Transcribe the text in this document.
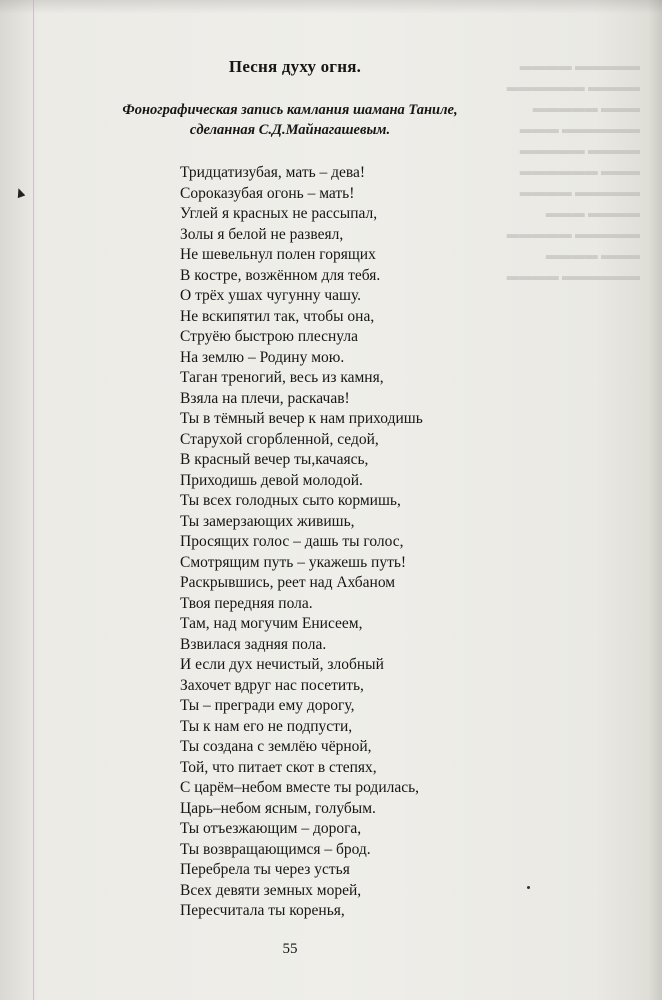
▬▬▬▬▬ ▬▬▬▬
▬▬▬▬ ▬▬▬▬▬▬
▬▬▬ ▬▬▬▬▬
▬▬▬▬▬▬ ▬▬▬
▬▬▬▬ ▬▬▬▬▬
▬▬▬ ▬▬▬▬▬▬
▬▬▬▬▬ ▬▬▬▬
▬▬▬▬ ▬▬▬
▬▬▬▬▬ ▬▬▬▬▬
▬▬▬ ▬▬▬▬
▬▬▬▬▬▬ ▬▬▬▬
Песня духу огня.
Фонографическая запись камлания шамана Таниле,
сделанная С.Д.Майнагашевым.
Тридцатизубая, мать – дева!
Сороказубая огонь – мать!
Углей я красных не рассыпал,
Золы я белой не развеял,
Не шевельнул полен горящих
В костре, возжённом для тебя.
О трёх ушах чугунну чашу.
Не вскипятил так, чтобы она,
Струёю быстрою плеснула
На землю – Родину мою.
Таган треногий, весь из камня,
Взяла на плечи, раскачав!
Ты в тёмный вечер к нам приходишь
Старухой сгорбленной, седой,
В красный вечер ты,качаясь,
Приходишь девой молодой.
Ты всех голодных сыто кормишь,
Ты замерзающих живишь,
Просящих голос – дашь ты голос,
Смотрящим путь – укажешь путь!
Раскрывшись, реет над Ахбаном
Твоя передняя пола.
Там, над могучим Енисеем,
Взвилася задняя пола.
И если дух нечистый, злобный
Захочет вдруг нас посетить,
Ты – прегради ему дорогу,
Ты к нам его не подпусти,
Ты создана с землёю чёрной,
Той, что питает скот в степях,
С царём–небом вместе ты родилась,
Царь–небом ясным, голубым.
Ты отъезжающим – дорога,
Ты возвращающимся – брод.
Перебрела ты через устья
Всех девяти земных морей,
Пересчитала ты коренья,
55
